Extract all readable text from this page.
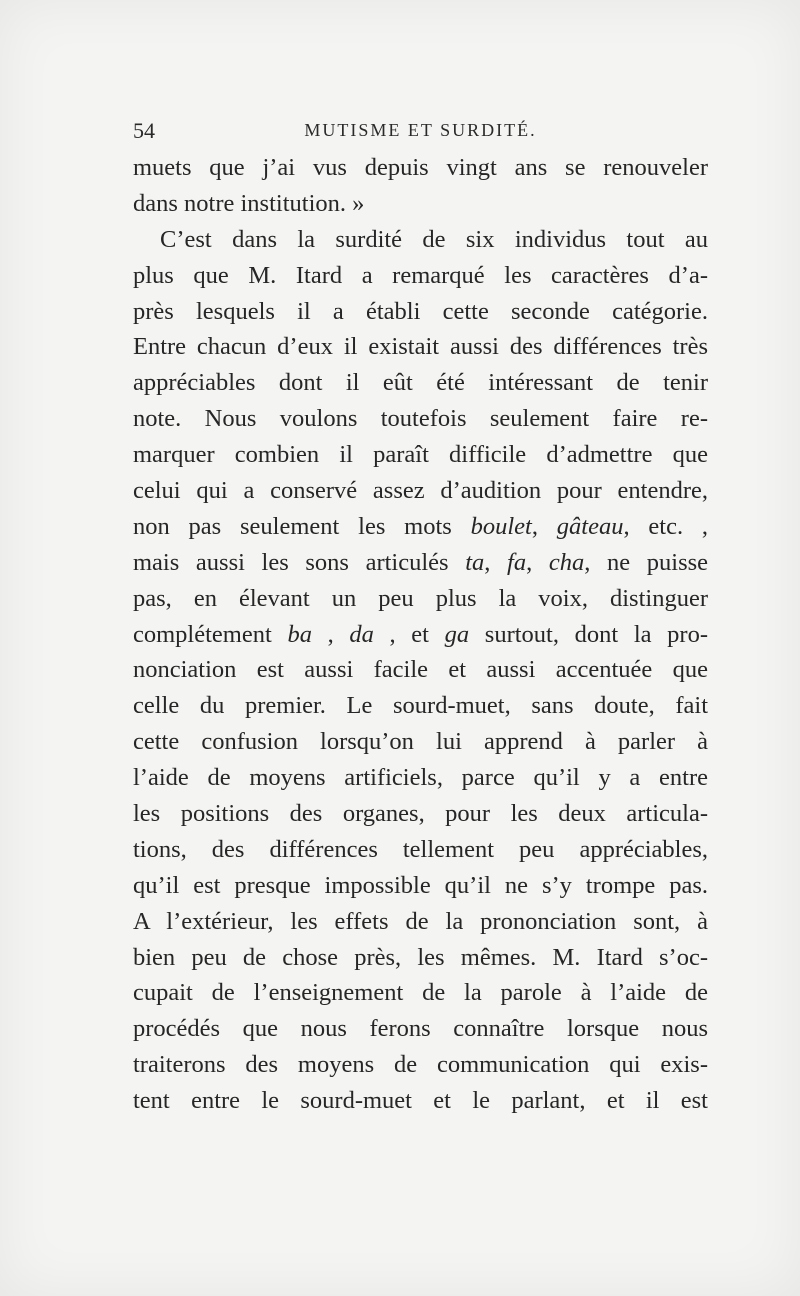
54	MUTISME ET SURDITÉ.
muets que j’ai vus depuis vingt ans se renouveler
dans notre institution. »
C’est dans la surdité de six individus tout au
plus que M. Itard a remarqué les caractères d’a-
près lesquels il a établi cette seconde catégorie.
Entre chacun d’eux il existait aussi des différences très
appréciables dont il eût été intéressant de tenir
note. Nous voulons toutefois seulement faire re-
marquer combien il paraît difficile d’admettre que
celui qui a conservé assez d’audition pour entendre,
non pas seulement les mots boulet, gâteau, etc. ,
mais aussi les sons articulés ta, fa, cha, ne puisse
pas, en élevant un peu plus la voix, distinguer
complétement ba , da , et ga surtout, dont la pro-
nonciation est aussi facile et aussi accentuée que
celle du premier. Le sourd-muet, sans doute, fait
cette confusion lorsqu’on lui apprend à parler à
l’aide de moyens artificiels, parce qu’il y a entre
les positions des organes, pour les deux articula-
tions, des différences tellement peu appréciables,
qu’il est presque impossible qu’il ne s’y trompe pas.
A l’extérieur, les effets de la prononciation sont, à
bien peu de chose près, les mêmes. M. Itard s’oc-
cupait de l’enseignement de la parole à l’aide de
procédés que nous ferons connaître lorsque nous
traiterons des moyens de communication qui exis-
tent entre le sourd-muet et le parlant, et il est
